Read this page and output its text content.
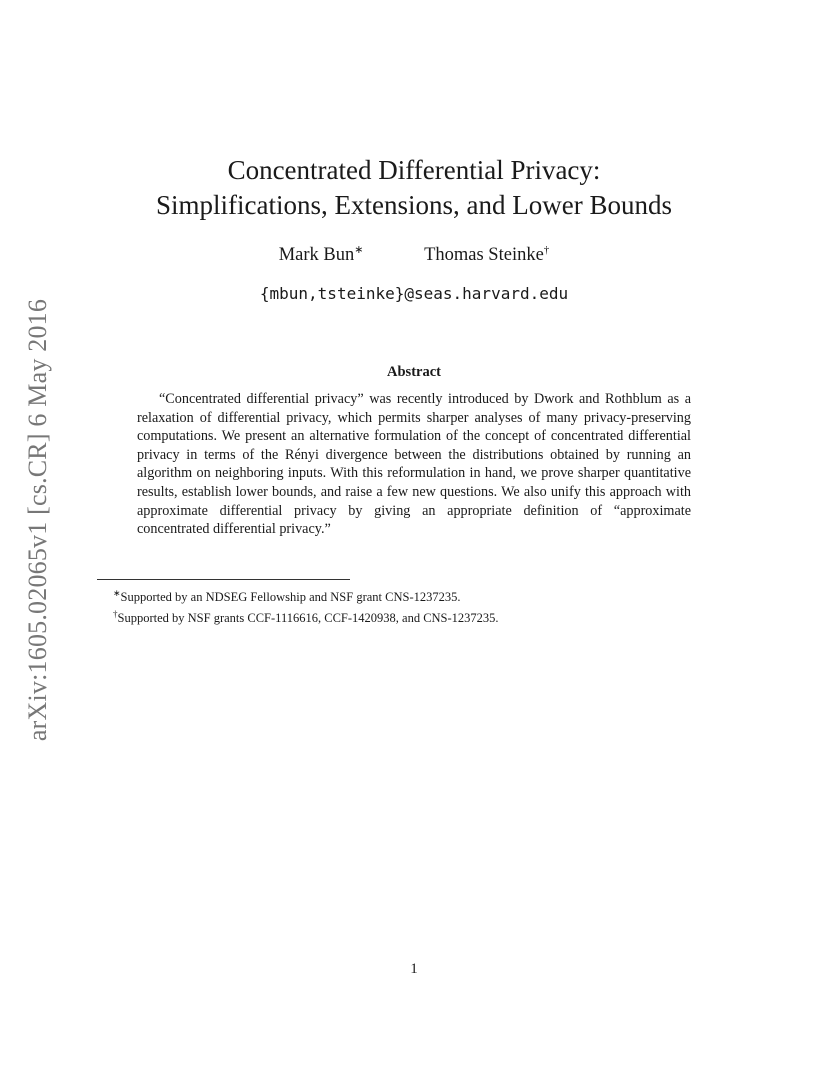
arXiv:1605.02065v1 [cs.CR] 6 May 2016
Concentrated Differential Privacy:
Simplifications, Extensions, and Lower Bounds
Mark Bun∗	Thomas Steinke†
{mbun,tsteinke}@seas.harvard.edu
Abstract
“Concentrated differential privacy” was recently introduced by Dwork and Rothblum as a relaxation of differential privacy, which permits sharper analyses of many privacy-preserving computations. We present an alternative formulation of the concept of concentrated differential privacy in terms of the Rényi divergence between the distributions obtained by running an algorithm on neighboring inputs. With this reformulation in hand, we prove sharper quantitative results, establish lower bounds, and raise a few new questions. We also unify this approach with approximate differential privacy by giving an appropriate definition of “approximate concentrated differential privacy.”
∗Supported by an NDSEG Fellowship and NSF grant CNS-1237235.
†Supported by NSF grants CCF-1116616, CCF-1420938, and CNS-1237235.
1
